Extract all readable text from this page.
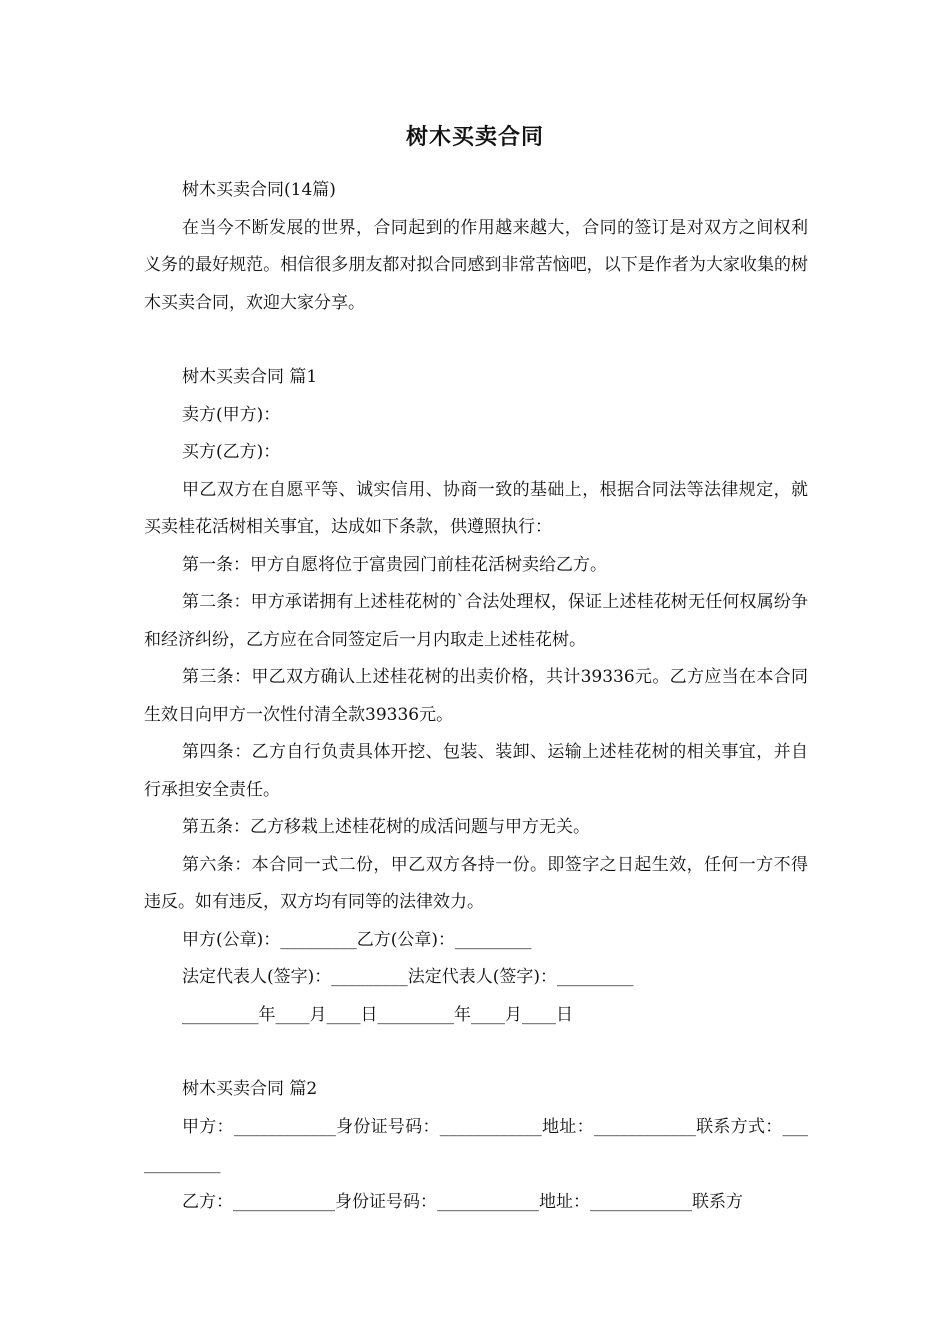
树木买卖合同

树木买卖合同(14篇)

在当今不断发展的世界，合同起到的作用越来越大，合同的签订是对双方之间权利义务的最好规范。相信很多朋友都对拟合同感到非常苦恼吧，以下是作者为大家收集的树木买卖合同，欢迎大家分享。

树木买卖合同 篇1

卖方(甲方)：

买方(乙方)：

甲乙双方在自愿平等、诚实信用、协商一致的基础上，根据合同法等法律规定，就买卖桂花活树相关事宜，达成如下条款，供遵照执行：

第一条：甲方自愿将位于富贵园门前桂花活树卖给乙方。

第二条：甲方承诺拥有上述桂花树的`合法处理权，保证上述桂花树无任何权属纷争和经济纠纷，乙方应在合同签定后一月内取走上述桂花树。

第三条：甲乙双方确认上述桂花树的出卖价格，共计39336元。乙方应当在本合同生效日向甲方一次性付清全款39336元。

第四条：乙方自行负责具体开挖、包装、装卸、运输上述桂花树的相关事宜，并自行承担安全责任。

第五条：乙方移栽上述桂花树的成活问题与甲方无关。

第六条：本合同一式二份，甲乙双方各持一份。即签字之日起生效，任何一方不得违反。如有违反，双方均有同等的法律效力。

甲方(公章)：_________乙方(公章)：_________

法定代表人(签字)：_________法定代表人(签字)：_________

_________年____月____日_________年____月____日

树木买卖合同 篇2

甲方：____________身份证号码：____________地址：____________联系方式：____________

乙方：____________身份证号码：____________地址：____________联系方
